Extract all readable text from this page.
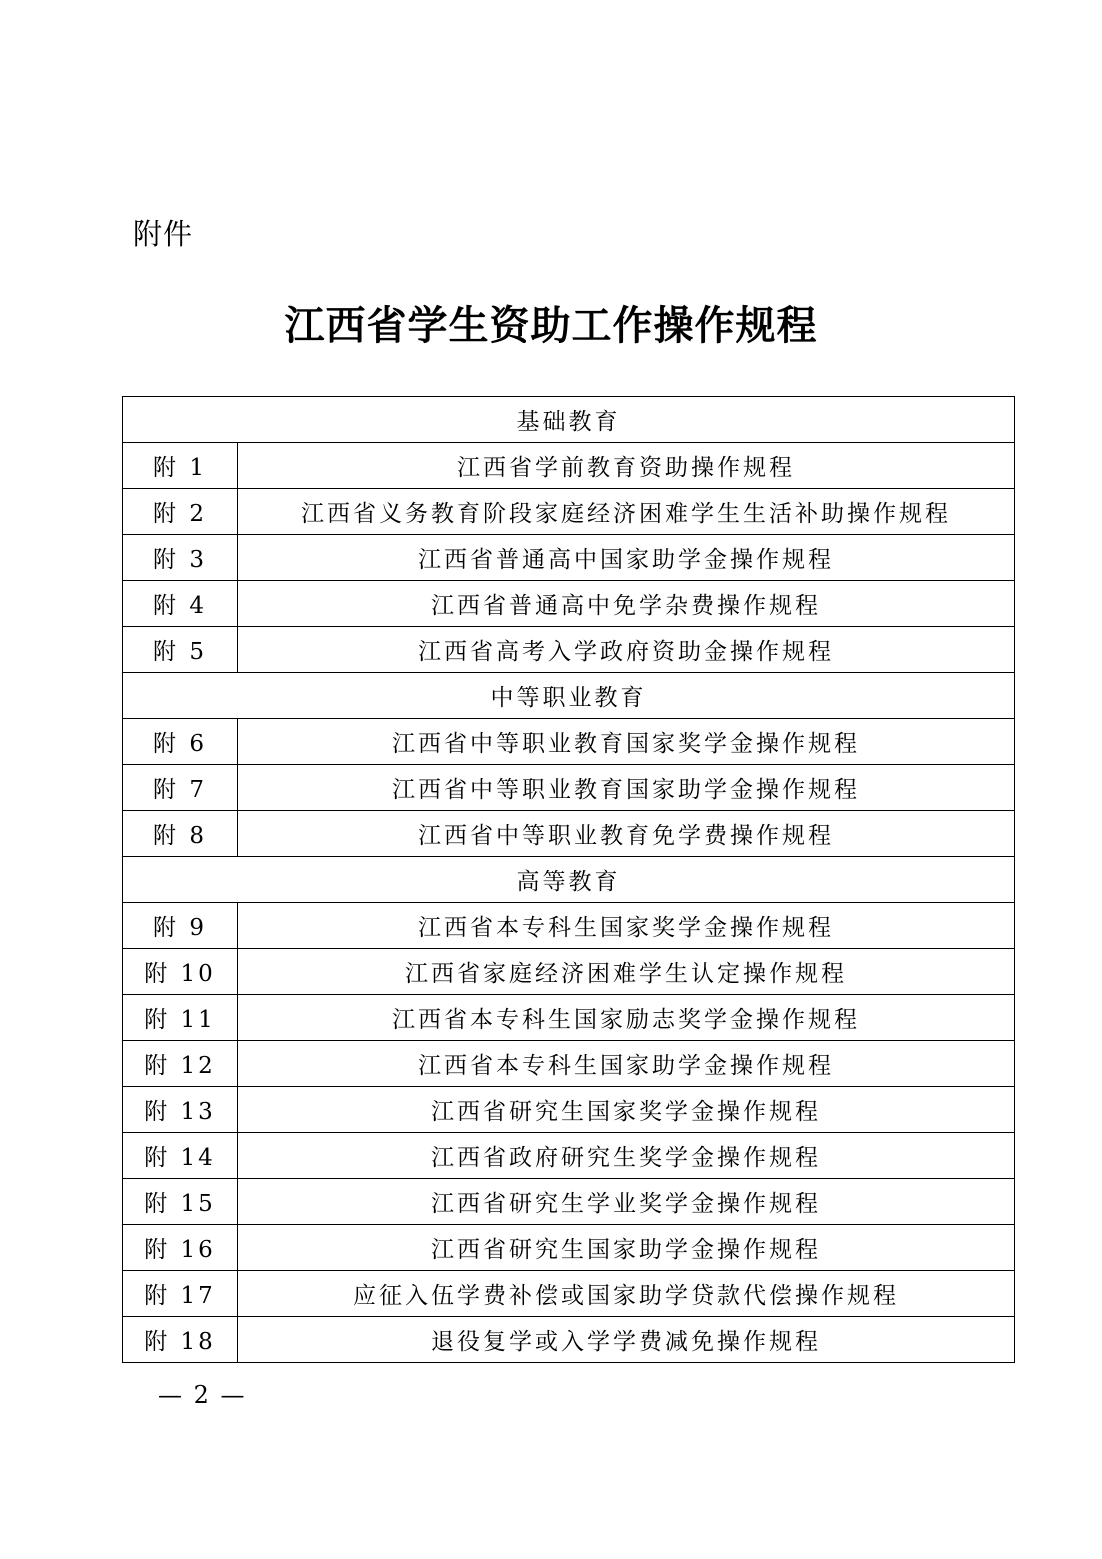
附件
江西省学生资助工作操作规程
基础教育	
附 1	江西省学前教育资助操作规程
附 2	江西省义务教育阶段家庭经济困难学生生活补助操作规程
附 3	江西省普通高中国家助学金操作规程
附 4	江西省普通高中免学杂费操作规程
附 5	江西省高考入学政府资助金操作规程
中等职业教育	
附 6	江西省中等职业教育国家奖学金操作规程
附 7	江西省中等职业教育国家助学金操作规程
附 8	江西省中等职业教育免学费操作规程
高等教育	
附 9	江西省本专科生国家奖学金操作规程
附 10	江西省家庭经济困难学生认定操作规程
附 11	江西省本专科生国家励志奖学金操作规程
附 12	江西省本专科生国家助学金操作规程
附 13	江西省研究生国家奖学金操作规程
附 14	江西省政府研究生奖学金操作规程
附 15	江西省研究生学业奖学金操作规程
附 16	江西省研究生国家助学金操作规程
附 17	应征入伍学费补偿或国家助学贷款代偿操作规程
附 18	退役复学或入学学费减免操作规程
— 2 —
